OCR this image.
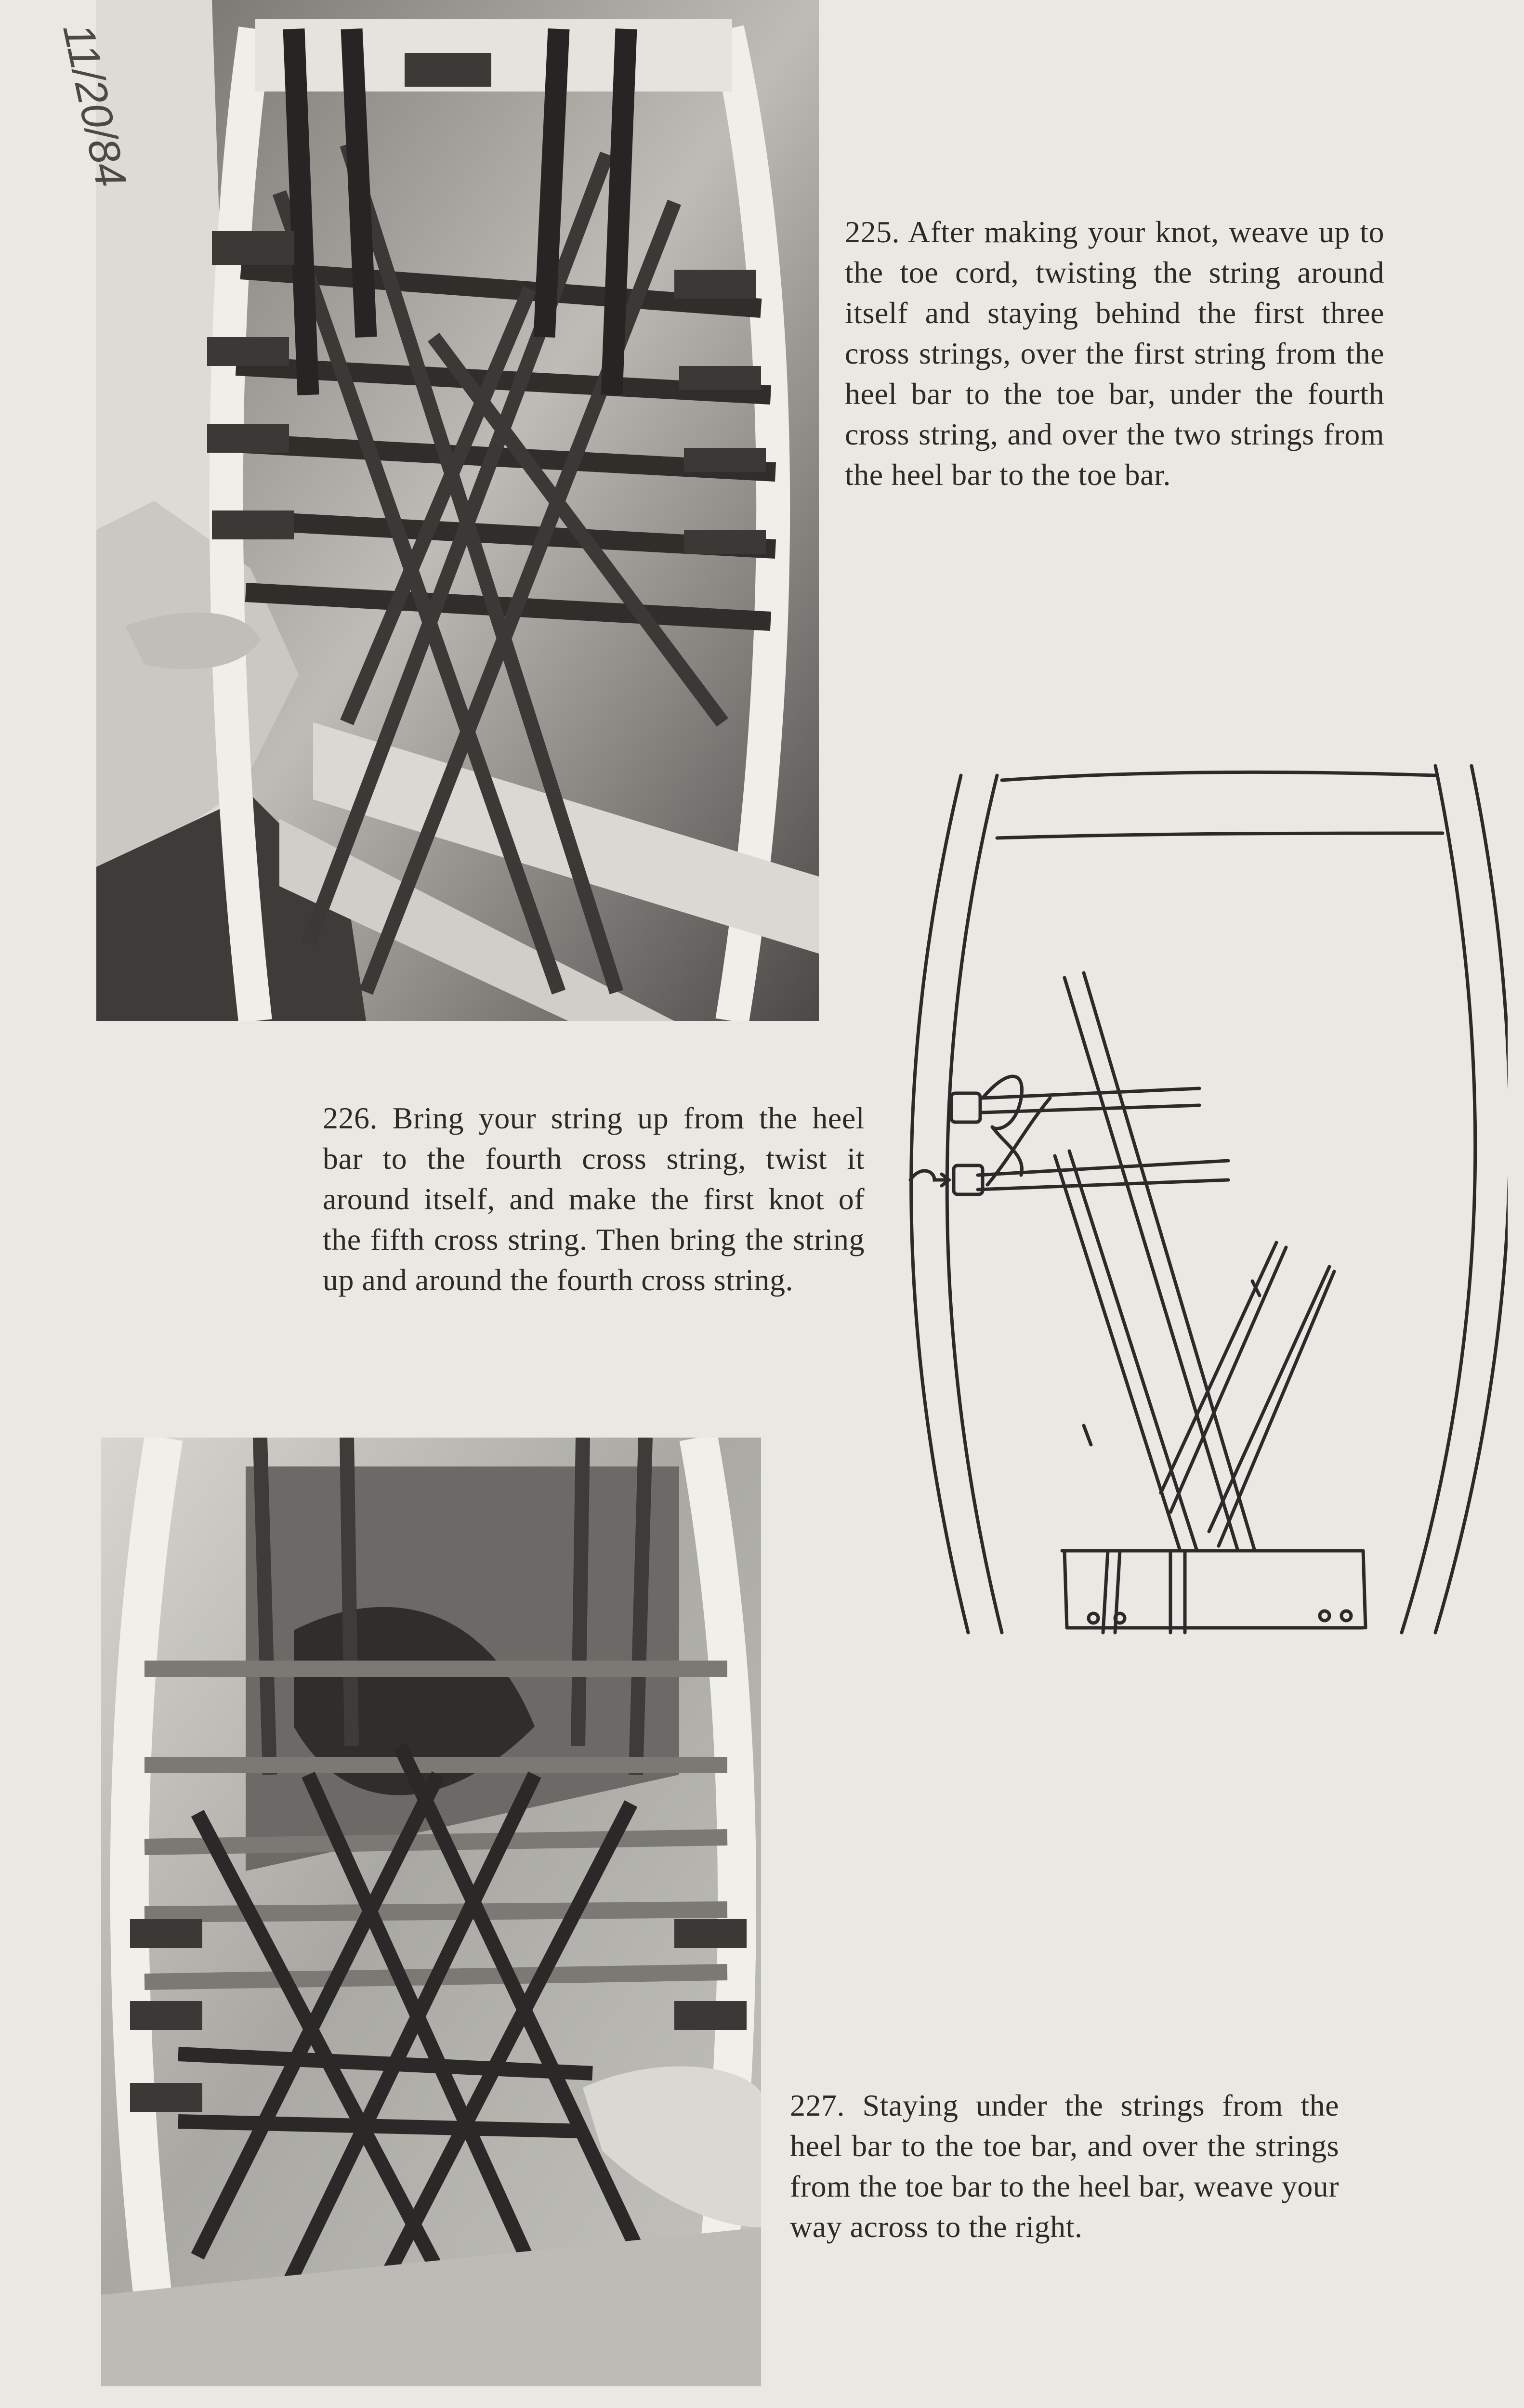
225. After making your knot, weave up to the toe cord, twisting the string around itself and staying behind the first three cross strings, over the first string from the heel bar to the toe bar, under the fourth cross string, and over the two strings from the heel bar to the toe bar.
226. Bring your string up from the heel bar to the fourth cross string, twist it around itself, and make the first knot of the fifth cross string. Then bring the string up and around the fourth cross string.
227. Staying under the strings from the heel bar to the toe bar, and over the strings from the toe bar to the heel bar, weave your way across to the right.
11/20/84
